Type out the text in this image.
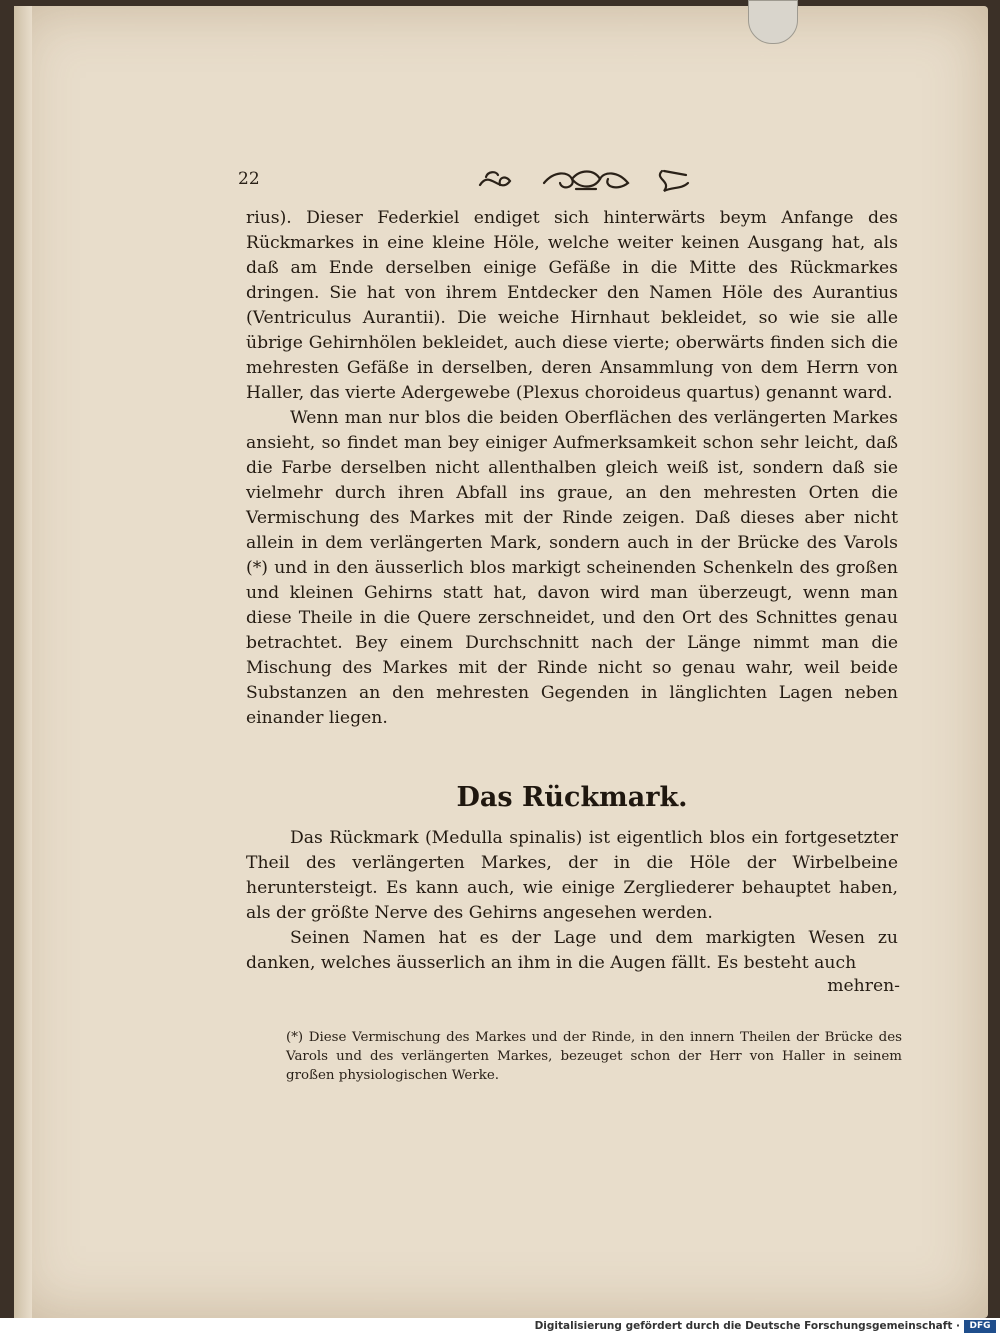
22

rius). Dieser Federkiel endiget sich hinterwärts beym Anfange des Rückmarkes in eine kleine Höle, welche weiter keinen Ausgang hat, als daß am Ende derselben einige Gefäße in die Mitte des Rückmarkes dringen. Sie hat von ihrem Entdecker den Namen Höle des Aurantius (Ventriculus Aurantii). Die weiche Hirnhaut bekleidet, so wie sie alle übrige Gehirnhölen bekleidet, auch diese vierte; oberwärts finden sich die mehresten Gefäße in derselben, deren Ansammlung von dem Herrn von Haller, das vierte Adergewebe (Plexus choroideus quartus) genannt ward.

Wenn man nur blos die beiden Oberflächen des verlängerten Markes ansieht, so findet man bey einiger Aufmerksamkeit schon sehr leicht, daß die Farbe derselben nicht allenthalben gleich weiß ist, sondern daß sie vielmehr durch ihren Abfall ins graue, an den mehresten Orten die Vermischung des Markes mit der Rinde zeigen. Daß dieses aber nicht allein in dem verlängerten Mark, sondern auch in der Brücke des Varols (*) und in den äusserlich blos markigt scheinenden Schenkeln des großen und kleinen Gehirns statt hat, davon wird man überzeugt, wenn man diese Theile in die Quere zerschneidet, und den Ort des Schnittes genau betrachtet. Bey einem Durchschnitt nach der Länge nimmt man die Mischung des Markes mit der Rinde nicht so genau wahr, weil beide Substanzen an den mehresten Gegenden in länglichten Lagen neben einander liegen.

Das Rückmark.

Das Rückmark (Medulla spinalis) ist eigentlich blos ein fortgesetzter Theil des verlängerten Markes, der in die Höle der Wirbelbeine heruntersteigt. Es kann auch, wie einige Zergliederer behauptet haben, als der größte Nerve des Gehirns angesehen werden.

Seinen Namen hat es der Lage und dem markigten Wesen zu danken, welches äusserlich an ihm in die Augen fällt. Es besteht auch

mehren-
(*) Diese Vermischung des Markes und der Rinde, in den innern Theilen der Brücke des Varols und des verlängerten Markes, bezeuget schon der Herr von Haller in seinem großen physiologischen Werke.
Digitalisierung gefördert durch die Deutsche Forschungsgemeinschaft ·	DFG
